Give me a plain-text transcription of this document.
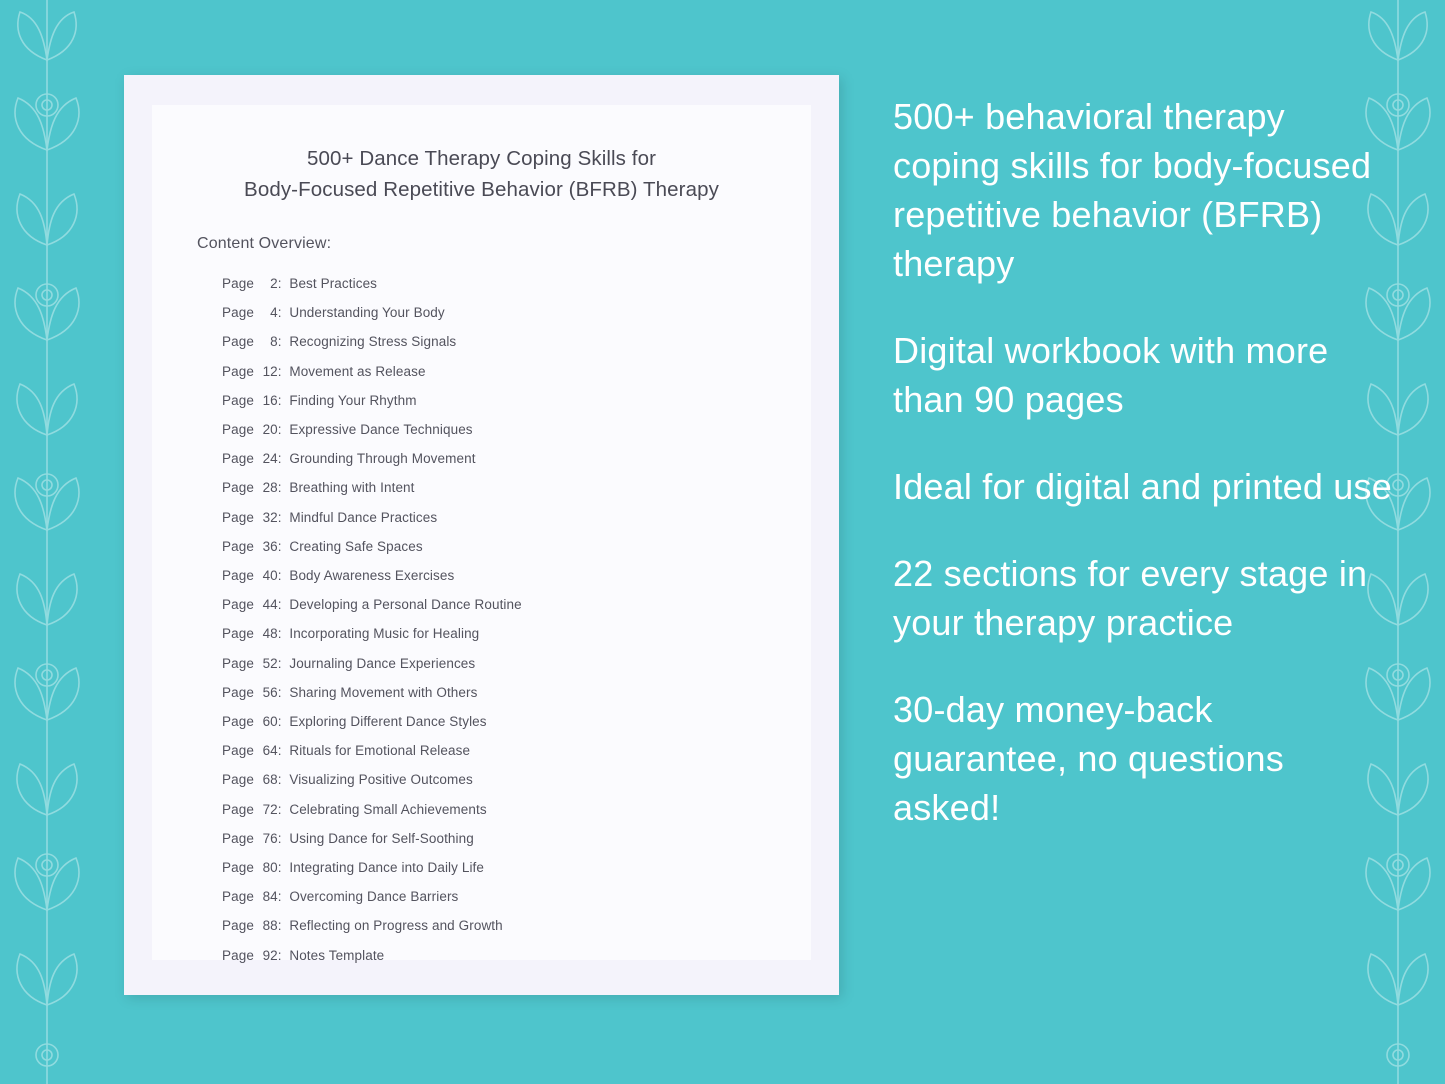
500+ Dance Therapy Coping Skills for
Body-Focused Repetitive Behavior (BFRB) Therapy
Content Overview:
Page 2:  Best Practices
Page 4:  Understanding Your Body
Page 8:  Recognizing Stress Signals
Page 12:  Movement as Release
Page 16:  Finding Your Rhythm
Page 20:  Expressive Dance Techniques
Page 24:  Grounding Through Movement
Page 28:  Breathing with Intent
Page 32:  Mindful Dance Practices
Page 36:  Creating Safe Spaces
Page 40:  Body Awareness Exercises
Page 44:  Developing a Personal Dance Routine
Page 48:  Incorporating Music for Healing
Page 52:  Journaling Dance Experiences
Page 56:  Sharing Movement with Others
Page 60:  Exploring Different Dance Styles
Page 64:  Rituals for Emotional Release
Page 68:  Visualizing Positive Outcomes
Page 72:  Celebrating Small Achievements
Page 76:  Using Dance for Self-Soothing
Page 80:  Integrating Dance into Daily Life
Page 84:  Overcoming Dance Barriers
Page 88:  Reflecting on Progress and Growth
Page 92:  Notes Template

500+ behavioral therapy coping skills for body-focused repetitive behavior (BFRB) therapy

Digital workbook with more than 90 pages

Ideal for digital and printed use

22 sections for every stage in your therapy practice

30-day money-back guarantee, no questions asked!
